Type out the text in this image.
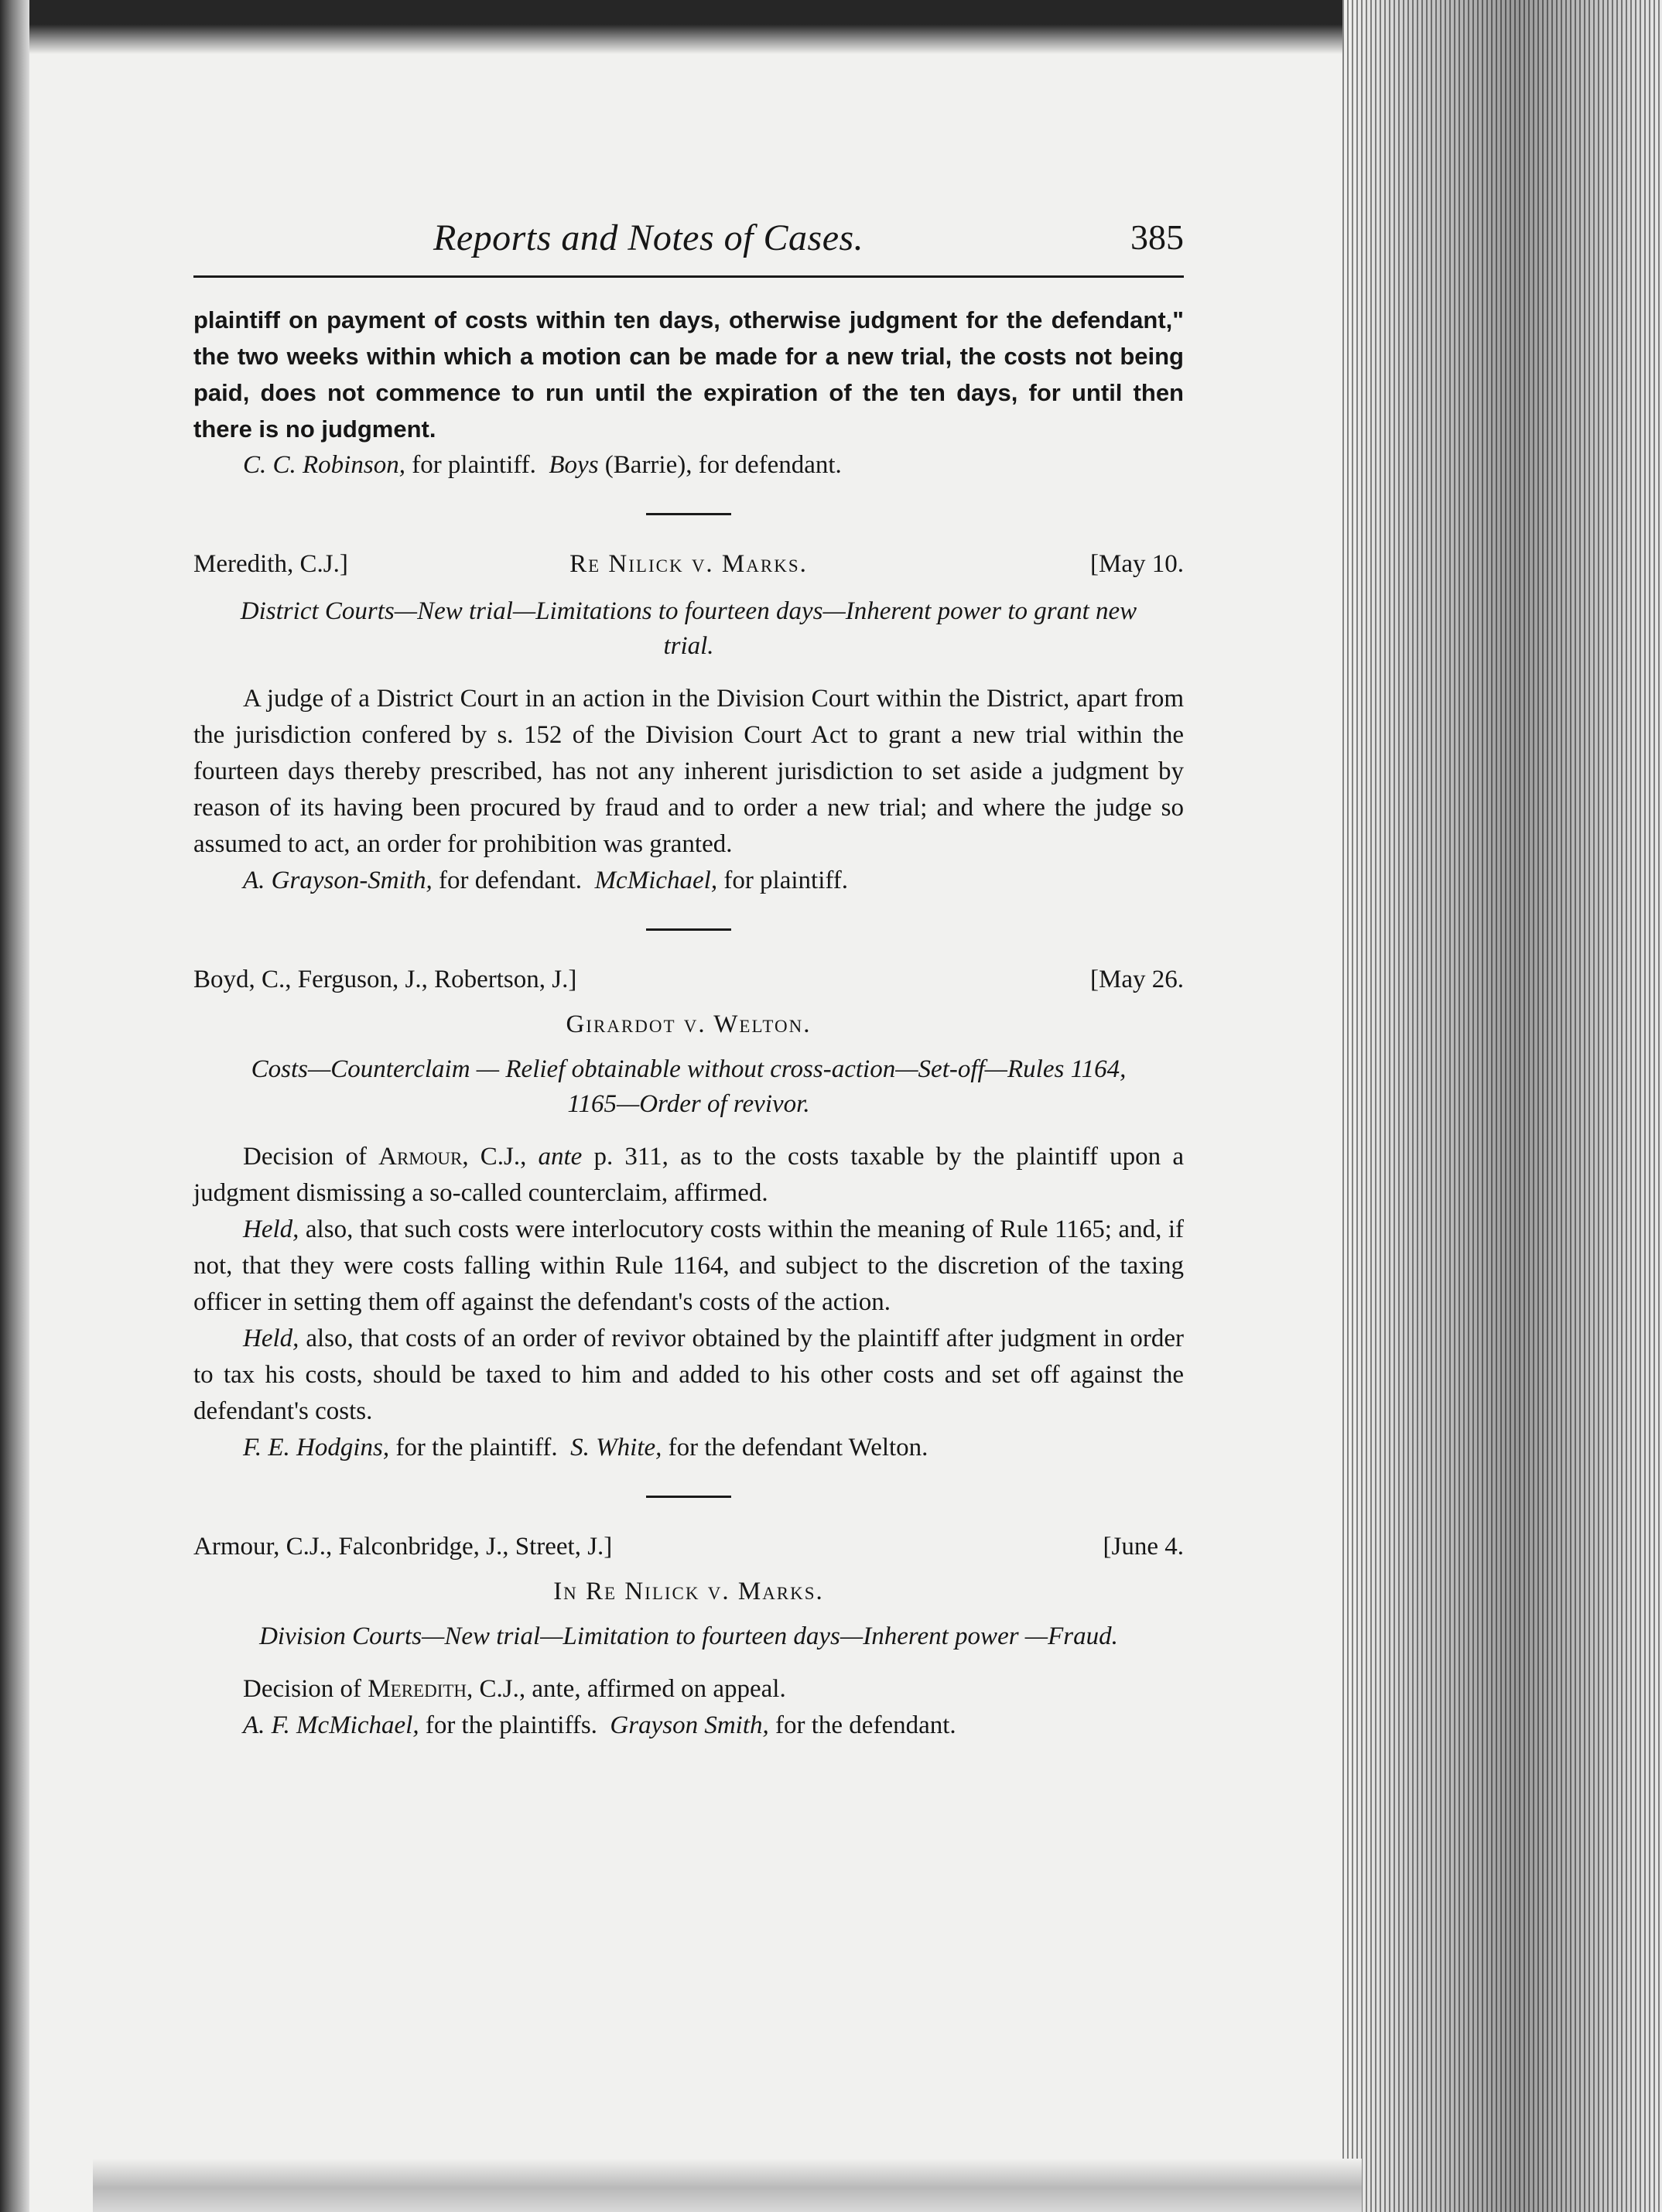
Reports and Notes of Cases.	385

plaintiff on payment of costs within ten days, otherwise judgment for the defendant," the two weeks within which a motion can be made for a new trial, the costs not being paid, does not commence to run until the expiration of the ten days, for until then there is no judgment.

C. C. Robinson, for plaintiff. Boys (Barrie), for defendant.

Meredith, C.J.]	Re Nilick v. Marks.	[May 10.

District Courts—New trial—Limitations to fourteen days—Inherent power to grant new trial.

A judge of a District Court in an action in the Division Court within the District, apart from the jurisdiction confered by s. 152 of the Division Court Act to grant a new trial within the fourteen days thereby prescribed, has not any inherent jurisdiction to set aside a judgment by reason of its having been procured by fraud and to order a new trial; and where the judge so assumed to act, an order for prohibition was granted.

A. Grayson-Smith, for defendant. McMichael, for plaintiff.

Boyd, C., Ferguson, J., Robertson, J.]	[May 26.
Girardot v. Welton.

Costs—Counterclaim — Relief obtainable without cross-action—Set-off—Rules 1164, 1165—Order of revivor.

Decision of Armour, C.J., ante p. 311, as to the costs taxable by the plaintiff upon a judgment dismissing a so-called counterclaim, affirmed.

Held, also, that such costs were interlocutory costs within the meaning of Rule 1165; and, if not, that they were costs falling within Rule 1164, and subject to the discretion of the taxing officer in setting them off against the defendant's costs of the action.

Held, also, that costs of an order of revivor obtained by the plaintiff after judgment in order to tax his costs, should be taxed to him and added to his other costs and set off against the defendant's costs.

F. E. Hodgins, for the plaintiff. S. White, for the defendant Welton.

Armour, C.J., Falconbridge, J., Street, J.]	[June 4.
In Re Nilick v. Marks.

Division Courts—New trial—Limitation to fourteen days—Inherent power —Fraud.

Decision of Meredith, C.J., ante, affirmed on appeal.

A. F. McMichael, for the plaintiffs. Grayson Smith, for the defendant.
